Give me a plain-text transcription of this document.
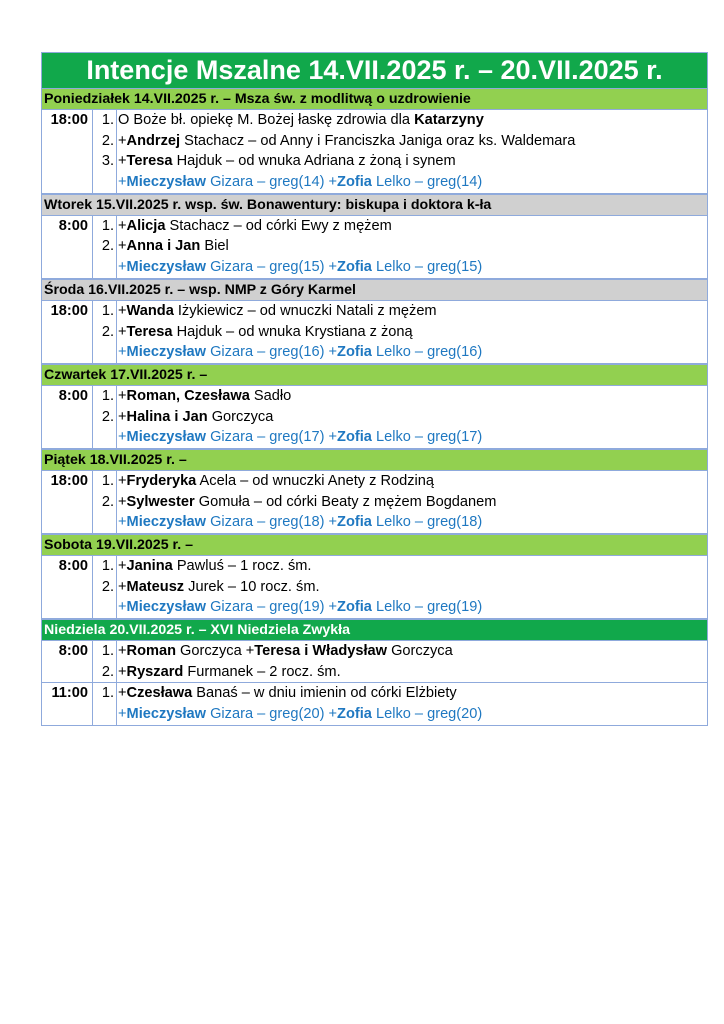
Intencje Mszalne 14.VII.2025 r. – 20.VII.2025 r.
Poniedziałek 14.VII.2025 r. – Msza św. z modlitwą o uzdrowienie
18:00 1.
2.
3.
O Boże bł. opiekę M. Bożej łaskę zdrowia dla Katarzyny
+Andrzej Stachacz – od Anny i Franciszka Janiga oraz ks. Waldemara
+Teresa Hajduk – od wnuka Adriana z żoną i synem
+Mieczysław Gizara – greg(14) +Zofia Lelko – greg(14)
Wtorek 15.VII.2025 r. wsp. św. Bonawentury: biskupa i doktora k-ła
8:00 1.
2.
+Alicja Stachacz – od córki Ewy z mężem
+Anna i Jan Biel
+Mieczysław Gizara – greg(15) +Zofia Lelko – greg(15)
Środa 16.VII.2025 r. – wsp. NMP z Góry Karmel
18:00 1.
2.
+Wanda Iżykiewicz – od wnuczki Natali z mężem
+Teresa Hajduk – od wnuka Krystiana z żoną
+Mieczysław Gizara – greg(16) +Zofia Lelko – greg(16)
Czwartek 17.VII.2025 r. –
8:00 1.
2.
+Roman, Czesława Sadło
+Halina i Jan Gorczyca
+Mieczysław Gizara – greg(17) +Zofia Lelko – greg(17)
Piątek 18.VII.2025 r. –
18:00 1.
2.
+Fryderyka Acela – od wnuczki Anety z Rodziną
+Sylwester Gomuła – od córki Beaty z mężem Bogdanem
+Mieczysław Gizara – greg(18) +Zofia Lelko – greg(18)
Sobota 19.VII.2025 r. –
8:00 1.
2.
+Janina Pawluś – 1 rocz. śm.
+Mateusz Jurek – 10 rocz. śm.
+Mieczysław Gizara – greg(19) +Zofia Lelko – greg(19)
Niedziela 20.VII.2025 r. – XVI Niedziela Zwykła
8:00 1.
2.
+Roman Gorczyca +Teresa i Władysław Gorczyca
+Ryszard Furmanek – 2 rocz. śm.
11:00 1. +Czesława Banaś – w dniu imienin od córki Elżbiety
+Mieczysław Gizara – greg(20) +Zofia Lelko – greg(20)
